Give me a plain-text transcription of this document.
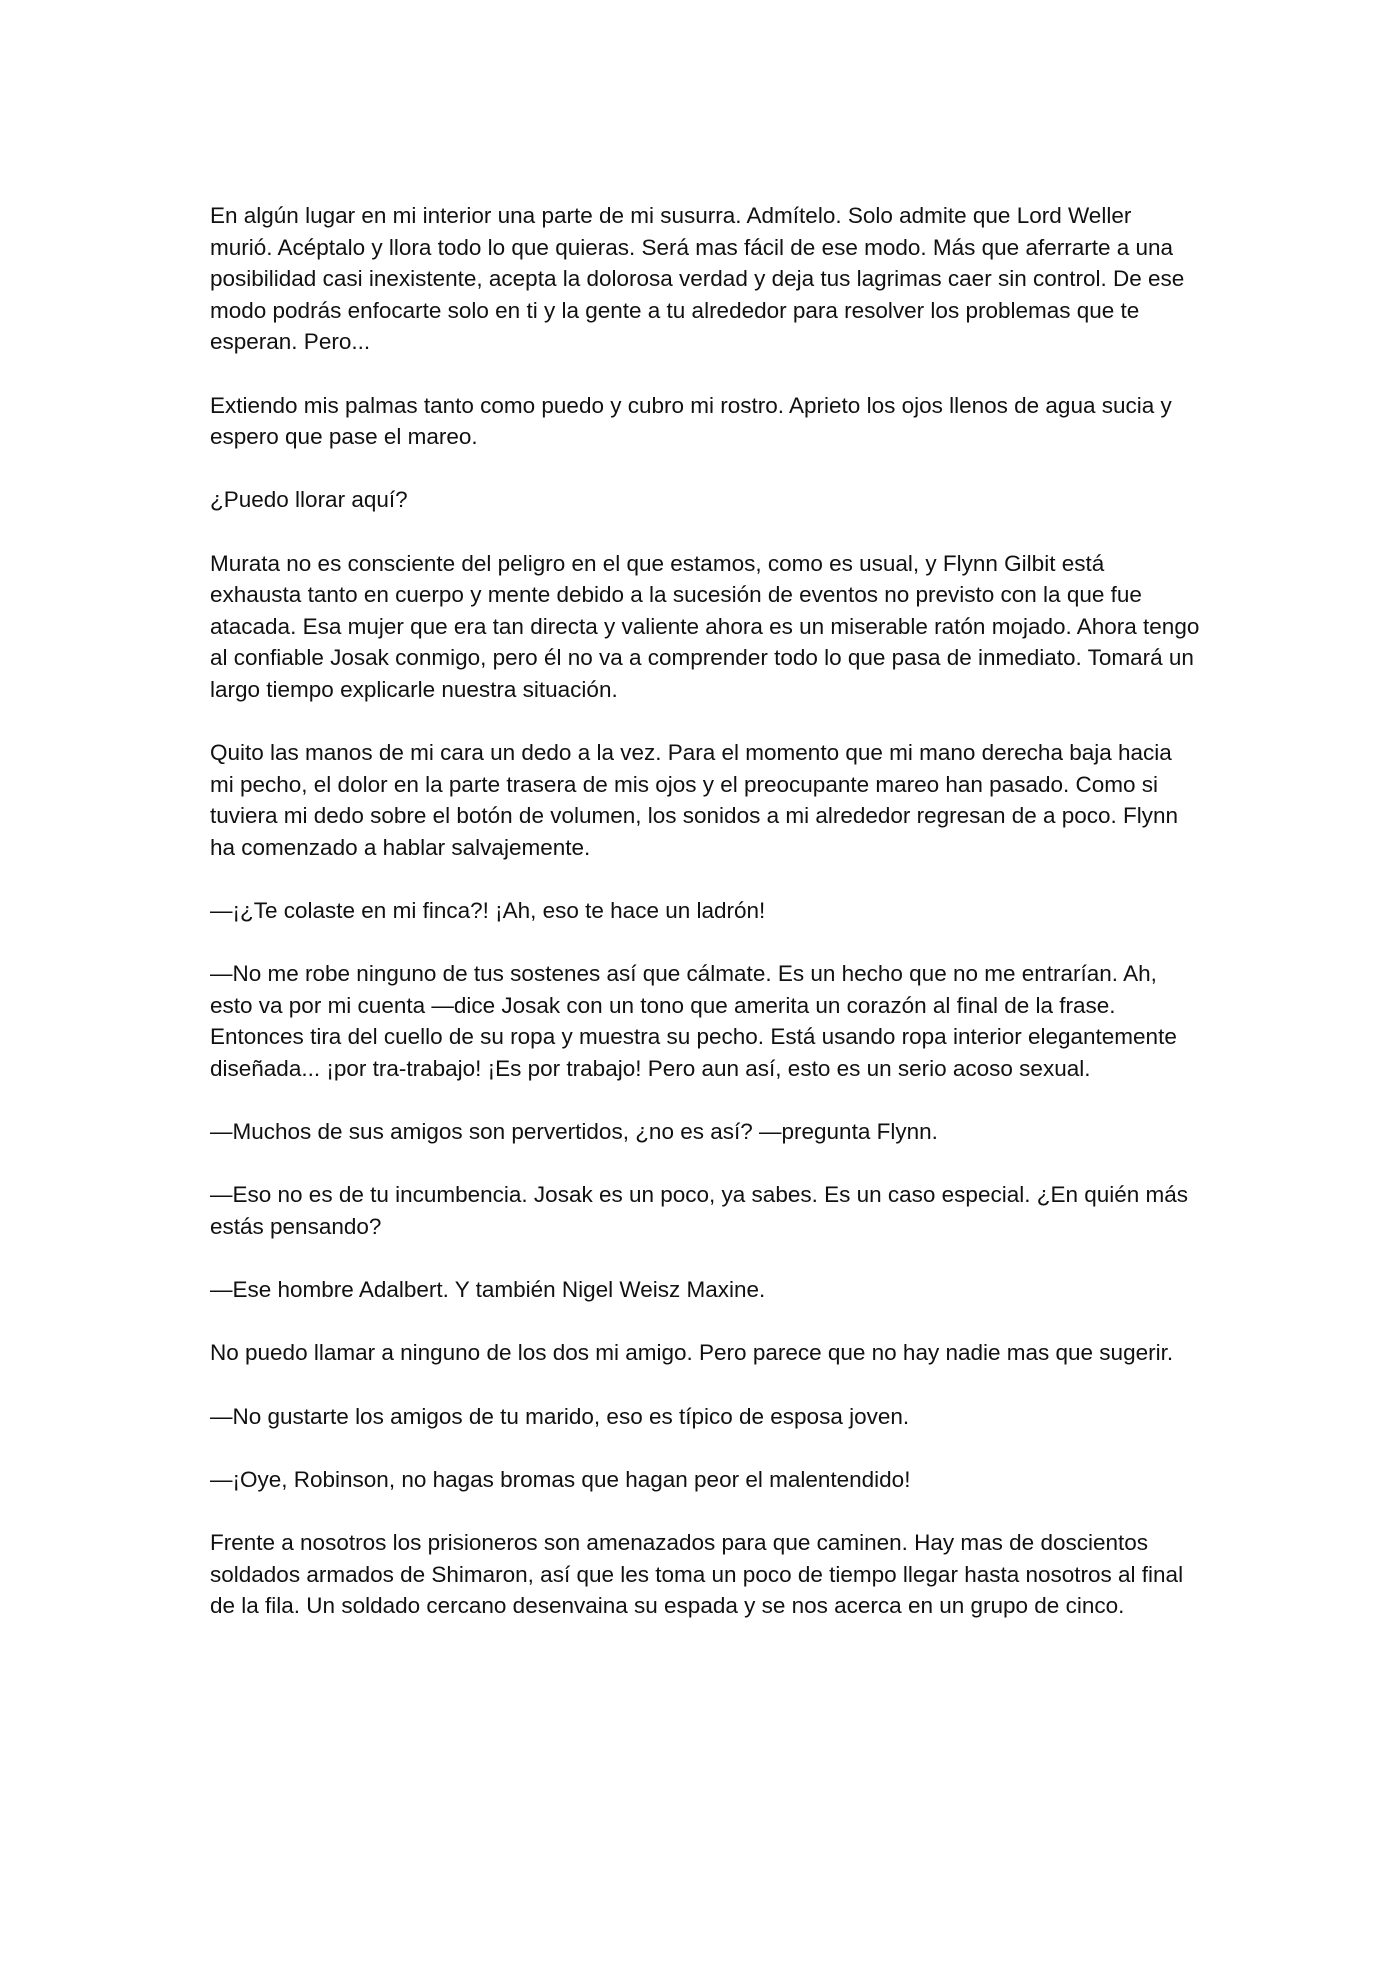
En algún lugar en mi interior una parte de mi susurra. Admítelo. Solo admite que Lord Weller murió. Acéptalo y llora todo lo que quieras. Será mas fácil de ese modo. Más que aferrarte a una posibilidad casi inexistente, acepta la dolorosa verdad y deja tus lagrimas caer sin control. De ese modo podrás enfocarte solo en ti y la gente a tu alrededor para resolver los problemas que te esperan. Pero...

Extiendo mis palmas tanto como puedo y cubro mi rostro. Aprieto los ojos llenos de agua sucia y espero que pase el mareo.

¿Puedo llorar aquí?

Murata no es consciente del peligro en el que estamos, como es usual, y Flynn Gilbit está exhausta tanto en cuerpo y mente debido a la sucesión de eventos no previsto con la que fue atacada. Esa mujer que era tan directa y valiente ahora es un miserable ratón mojado. Ahora tengo al confiable Josak conmigo, pero él no va a comprender todo lo que pasa de inmediato. Tomará un largo tiempo explicarle nuestra situación.

Quito las manos de mi cara un dedo a la vez. Para el momento que mi mano derecha baja hacia mi pecho, el dolor en la parte trasera de mis ojos y el preocupante mareo han pasado. Como si tuviera mi dedo sobre el botón de volumen, los sonidos a mi alrededor regresan de a poco. Flynn ha comenzado a hablar salvajemente.

—¡¿Te colaste en mi finca?! ¡Ah, eso te hace un ladrón!

—No me robe ninguno de tus sostenes así que cálmate. Es un hecho que no me entrarían. Ah, esto va por mi cuenta —dice Josak con un tono que amerita un corazón al final de la frase. Entonces tira del cuello de su ropa y muestra su pecho. Está usando ropa interior elegantemente diseñada... ¡por tra-trabajo! ¡Es por trabajo! Pero aun así, esto es un serio acoso sexual.

—Muchos de sus amigos son pervertidos, ¿no es así? —pregunta Flynn.

—Eso no es de tu incumbencia. Josak es un poco, ya sabes. Es un caso especial. ¿En quién más estás pensando?

—Ese hombre Adalbert. Y también Nigel Weisz Maxine.

No puedo llamar a ninguno de los dos mi amigo. Pero parece que no hay nadie mas que sugerir.

—No gustarte los amigos de tu marido, eso es típico de esposa joven.

—¡Oye, Robinson, no hagas bromas que hagan peor el malentendido!

Frente a nosotros los prisioneros son amenazados para que caminen. Hay mas de doscientos soldados armados de Shimaron, así que les toma un poco de tiempo llegar hasta nosotros al final de la fila. Un soldado cercano desenvaina su espada y se nos acerca en un grupo de cinco.
